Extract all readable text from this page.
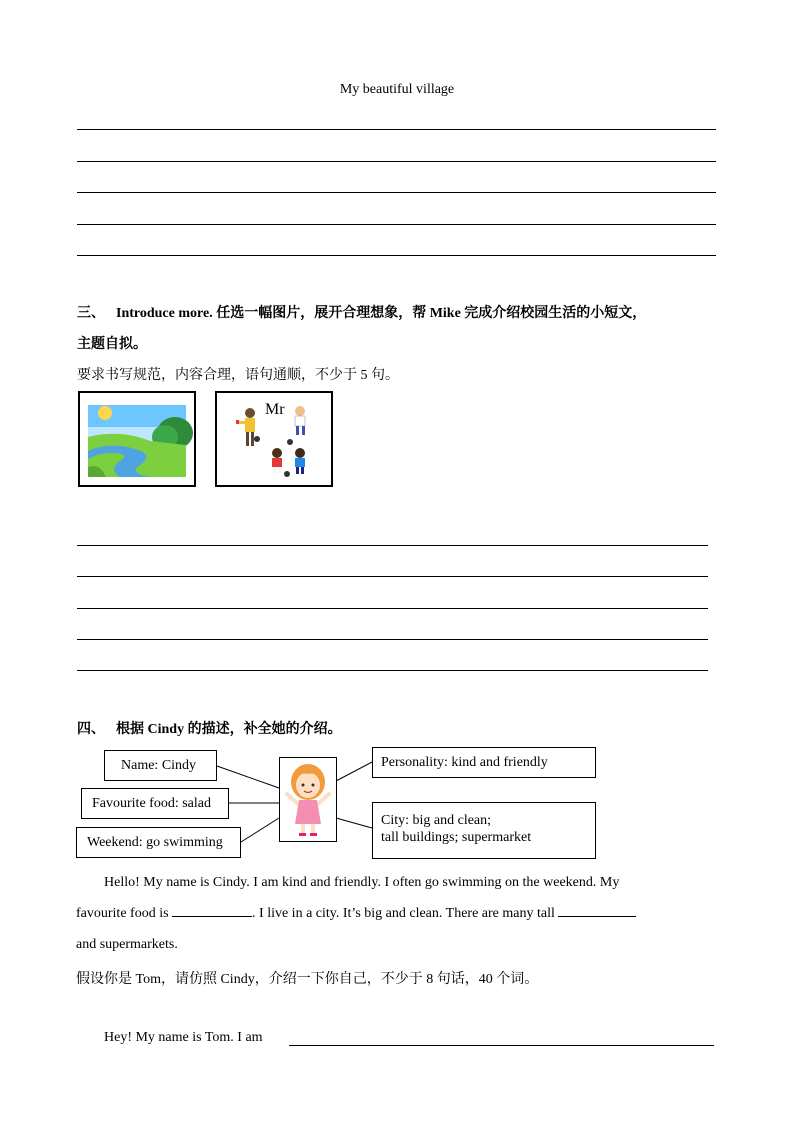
My beautiful village
三、 Introduce more. 任选一幅图片，展开合理想象，帮 Mike 完成介绍校园生活的小短文，
主题自拟。
要求书写规范，内容合理，语句通顺，不少于 5 句。
Mr
四、 根据 Cindy 的描述，补全她的介绍。
Name: Cindy
Favourite food: salad
Weekend: go swimming
Personality: kind and friendly
City: big and clean;
tall buildings; supermarket
Hello! My name is Cindy. I am kind and friendly. I often go swimming on the weekend. My
favourite food is	. I live in a city. It’s big and clean. There are many tall
and supermarkets.
假设你是 Tom，请仿照 Cindy，介绍一下你自己，不少于 8 句话，40 个词。
Hey! My name is Tom. I am
